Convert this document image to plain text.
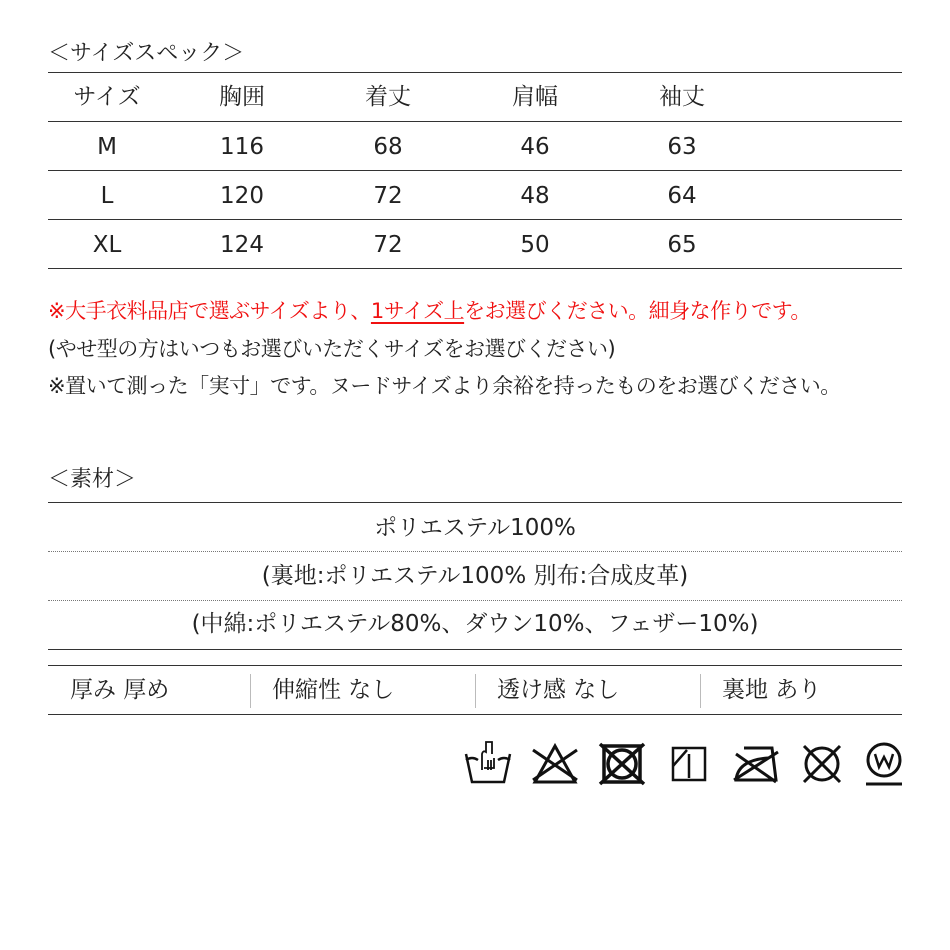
＜サイズスペック＞
サイズ	胸囲	着丈	肩幅	袖丈
M	116	68	46	63
L	120	72	48	64
XL	124	72	50	65
※大手衣料品店で選ぶサイズより、1サイズ上をお選びください。細身な作りです。
(やせ型の方はいつもお選びいただくサイズをお選びください)
※置いて測った「実寸」です。ヌードサイズより余裕を持ったものをお選びください。
＜素材＞
ポリエステル100%
(裏地:ポリエステル100% 別布:合成皮革)
(中綿:ポリエステル80%、ダウン10%、フェザー10%)
厚み 厚め	伸縮性 なし	透け感 なし	裏地 あり
